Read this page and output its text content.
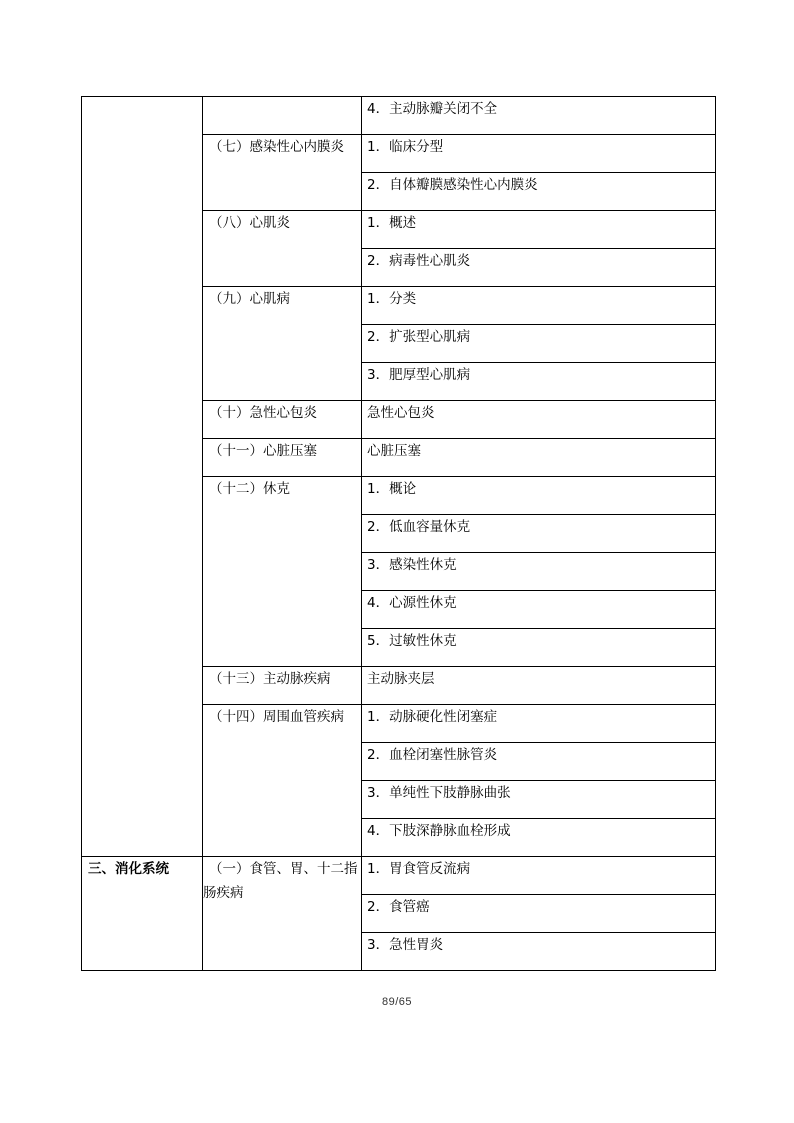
		4．主动脉瓣关闭不全

	（七）感染性心内膜炎	1．临床分型

		2．自体瓣膜感染性心内膜炎

	（八）心肌炎	1．概述

		2．病毒性心肌炎

	（九）心肌病	1．分类

		2．扩张型心肌病

		3．肥厚型心肌病

	（十）急性心包炎	急性心包炎

	（十一）心脏压塞	心脏压塞

	（十二）休克	1．概论

		2．低血容量休克

		3．感染性休克

		4．心源性休克

		5．过敏性休克

	（十三）主动脉疾病	主动脉夹层

	（十四）周围血管疾病	1．动脉硬化性闭塞症

		2．血栓闭塞性脉管炎

		3．单纯性下肢静脉曲张

		4．下肢深静脉血栓形成

三、消化系统	（一）食管、胃、十二指肠疾病	1．胃食管反流病

		2．食管癌

		3．急性胃炎
89/65
